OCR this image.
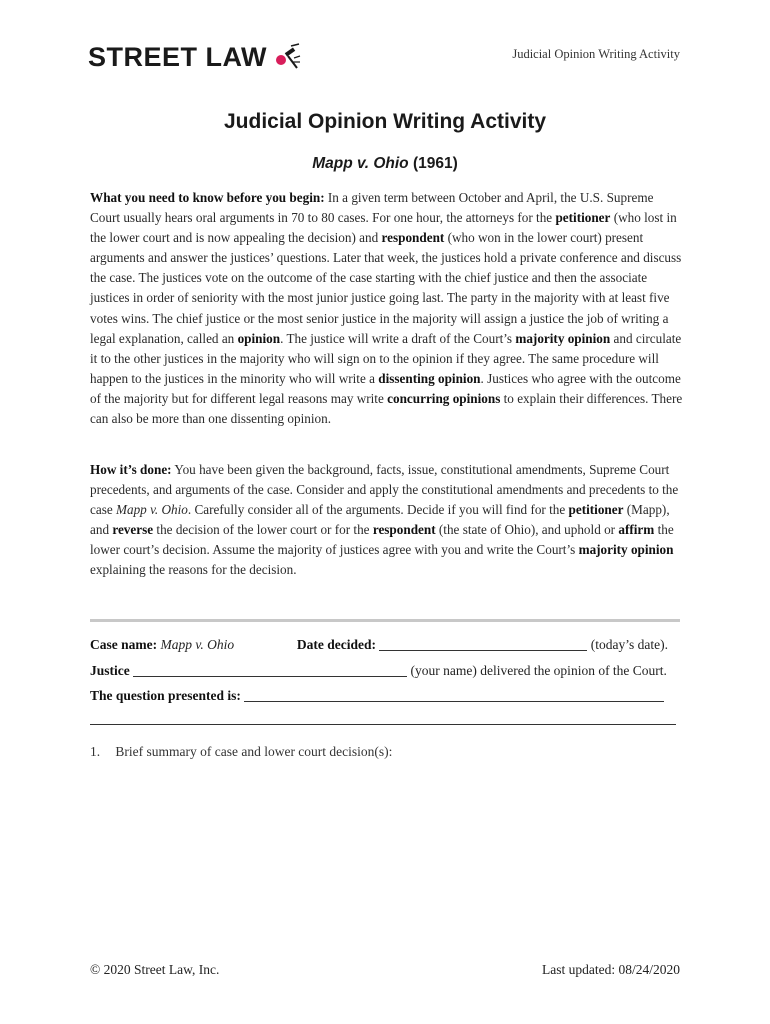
STREET LAW	Judicial Opinion Writing Activity
Judicial Opinion Writing Activity
Mapp v. Ohio (1961)

What you need to know before you begin: In a given term between October and April, the U.S. Supreme Court usually hears oral arguments in 70 to 80 cases. For one hour, the attorneys for the petitioner (who lost in the lower court and is now appealing the decision) and respondent (who won in the lower court) present arguments and answer the justices’ questions. Later that week, the justices hold a private conference and discuss the case. The justices vote on the outcome of the case starting with the chief justice and then the associate justices in order of seniority with the most junior justice going last. The party in the majority with at least five votes wins. The chief justice or the most senior justice in the majority will assign a justice the job of writing a legal explanation, called an opinion. The justice will write a draft of the Court’s majority opinion and circulate it to the other justices in the majority who will sign on to the opinion if they agree. The same procedure will happen to the justices in the minority who will write a dissenting opinion. Justices who agree with the outcome of the majority but for different legal reasons may write concurring opinions to explain their differences. There can also be more than one dissenting opinion.

How it’s done: You have been given the background, facts, issue, constitutional amendments, Supreme Court precedents, and arguments of the case. Consider and apply the constitutional amendments and precedents to the case Mapp v. Ohio. Carefully consider all of the arguments. Decide if you will find for the petitioner (Mapp), and reverse the decision of the lower court or for the respondent (the state of Ohio), and uphold or affirm the lower court’s decision. Assume the majority of justices agree with you and write the Court’s majority opinion explaining the reasons for the decision.

Case name: Mapp v. Ohio	Date decided:	(today’s date).
Justice	(your name) delivered the opinion of the Court.
The question presented is:
1. Brief summary of case and lower court decision(s):
© 2020 Street Law, Inc.	Last updated: 08/24/2020
